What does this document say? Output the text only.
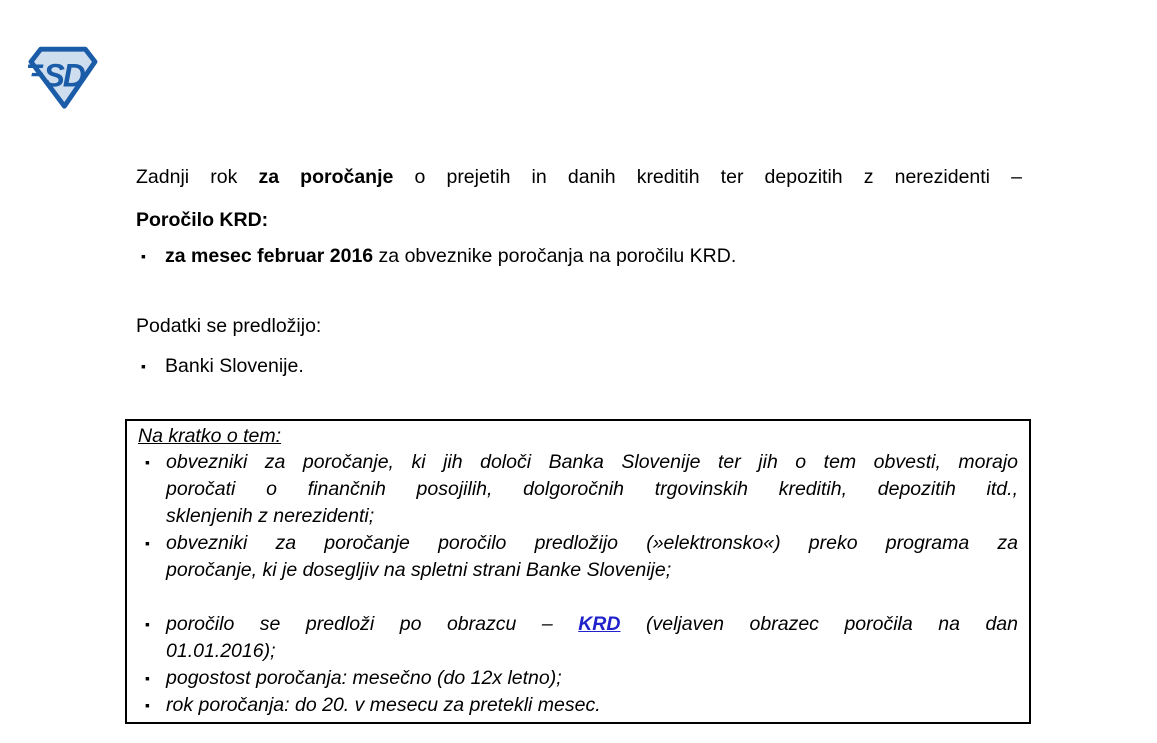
SD
Zadnji rok za poročanje o prejetih in danih kreditih ter depozitih z nerezidenti –
Poročilo KRD:
▪ za mesec februar 2016 za obveznike poročanja na poročilu KRD.
Podatki se predložijo:
▪ Banki Slovenije.
Na kratko o tem:
▪ obvezniki za poročanje, ki jih določi Banka Slovenije ter jih o tem obvesti, morajo
poročati o finančnih posojilih, dolgoročnih trgovinskih kreditih, depozitih itd.,
sklenjenih z nerezidenti;
▪ obvezniki za poročanje poročilo predložijo (»elektronsko«) preko programa za
poročanje, ki je dosegljiv na spletni strani Banke Slovenije;
▪ poročilo se predloži po obrazcu – KRD (veljaven obrazec poročila na dan
01.01.2016);
▪ pogostost poročanja: mesečno (do 12x letno);
▪ rok poročanja: do 20. v mesecu za pretekli mesec.
